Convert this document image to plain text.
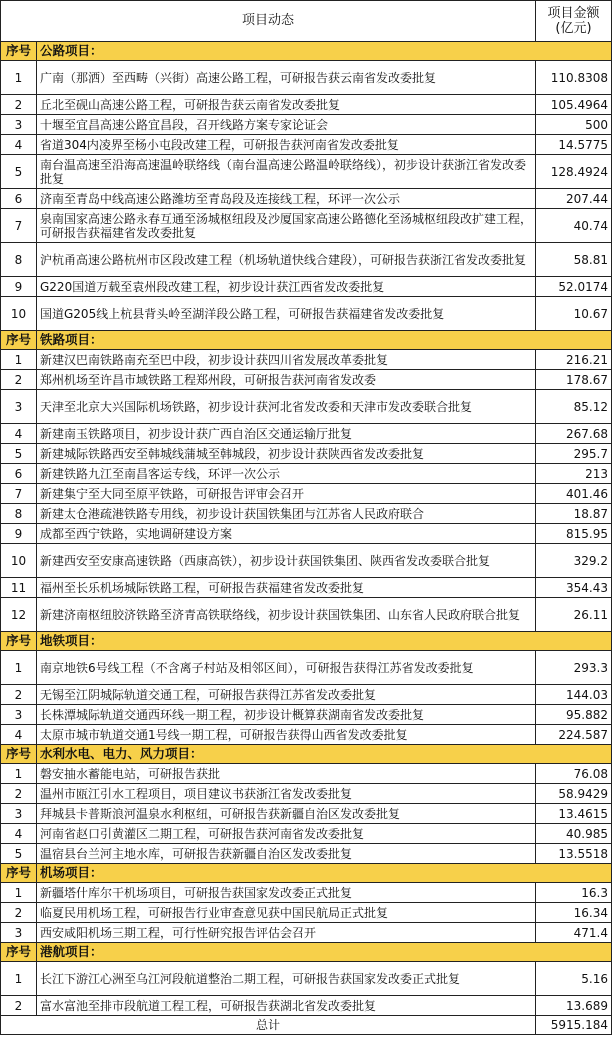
项目动态		项目金额(亿元)
序号	公路项目：	
1	广南（那洒）至西畴（兴街）高速公路工程，可研报告获云南省发改委批复	110.8308
2	丘北至砚山高速公路工程，可研报告获云南省发改委批复	105.4964
3	十堰至宜昌高速公路宜昌段，召开线路方案专家论证会	500
4	省道304内凌界至杨小屯段改建工程，可研报告获河南省发改委批复	14.5775
5	南台温高速至沿海高速温岭联络线（南台温高速公路温岭联络线），初步设计获浙江省发改委批复	128.4924
6	济南至青岛中线高速公路潍坊至青岛段及连接线工程，环评一次公示	207.44
7	泉南国家高速公路永春互通至汤城枢纽段及沙厦国家高速公路德化至汤城枢纽段改扩建工程，可研报告获福建省发改委批复	40.74
8	沪杭甬高速公路杭州市区段改建工程（机场轨道快线合建段），可研报告获浙江省发改委批复	58.81
9	G220国道万载至袁州段改建工程，初步设计获江西省发改委批复	52.0174
10	国道G205线上杭县背头岭至湖洋段公路工程，可研报告获福建省发改委批复	10.67
序号	铁路项目：	
1	新建汉巴南铁路南充至巴中段，初步设计获四川省发展改革委批复	216.21
2	郑州机场至许昌市域铁路工程郑州段，可研报告获河南省发改委	178.67
3	天津至北京大兴国际机场铁路，初步设计获河北省发改委和天津市发改委联合批复	85.12
4	新建南玉铁路项目，初步设计获广西自治区交通运输厅批复	267.68
5	新建城际铁路西安至韩城线蒲城至韩城段，初步设计获陕西省发改委批复	295.7
6	新建铁路九江至南昌客运专线，环评一次公示	213
7	新建集宁至大同至原平铁路，可研报告评审会召开	401.46
8	新建太仓港疏港铁路专用线，初步设计获国铁集团与江苏省人民政府联合	18.87
9	成都至西宁铁路，实地调研建设方案	815.95
10	新建西安至安康高速铁路（西康高铁），初步设计获国铁集团、陕西省发改委联合批复	329.2
11	福州至长乐机场城际铁路工程，可研报告获福建省发改委批复	354.43
12	新建济南枢纽胶济铁路至济青高铁联络线，初步设计获国铁集团、山东省人民政府联合批复	26.11
序号	地铁项目：	
1	南京地铁6号线工程（不含离子村站及相邻区间），可研报告获得江苏省发改委批复	293.3
2	无锡至江阴城际轨道交通工程，可研报告获得江苏省发改委批复	144.03
3	长株潭城际轨道交通西环线一期工程，初步设计概算获湖南省发改委批复	95.882
4	太原市城市轨道交通1号线一期工程，可研报告获得山西省发改委批复	224.587
序号	水利水电、电力、风力项目：	
1	磐安抽水蓄能电站，可研报告获批	76.08
2	温州市瓯江引水工程项目，项目建议书获浙江省发改委批复	58.9429
3	拜城县卡普斯浪河温泉水利枢纽，可研报告获新疆自治区发改委批复	13.4615
4	河南省赵口引黄灌区二期工程，可研报告获河南省发改委批复	40.985
5	温宿县台兰河主地水库，可研报告获新疆自治区发改委批复	13.5518
序号	机场项目：	
1	新疆塔什库尔干机场项目，可研报告获国家发改委正式批复	16.3
2	临夏民用机场工程，可研报告行业审查意见获中国民航局正式批复	16.34
3	西安咸阳机场三期工程，可行性研究报告评估会召开	471.4
序号	港航项目：	
1	长江下游江心洲至乌江河段航道整治二期工程，可研报告获国家发改委正式批复	5.16
2	富水富池至排市段航道工程工程，可研报告获湖北省发改委批复	13.689
总计		5915.184
